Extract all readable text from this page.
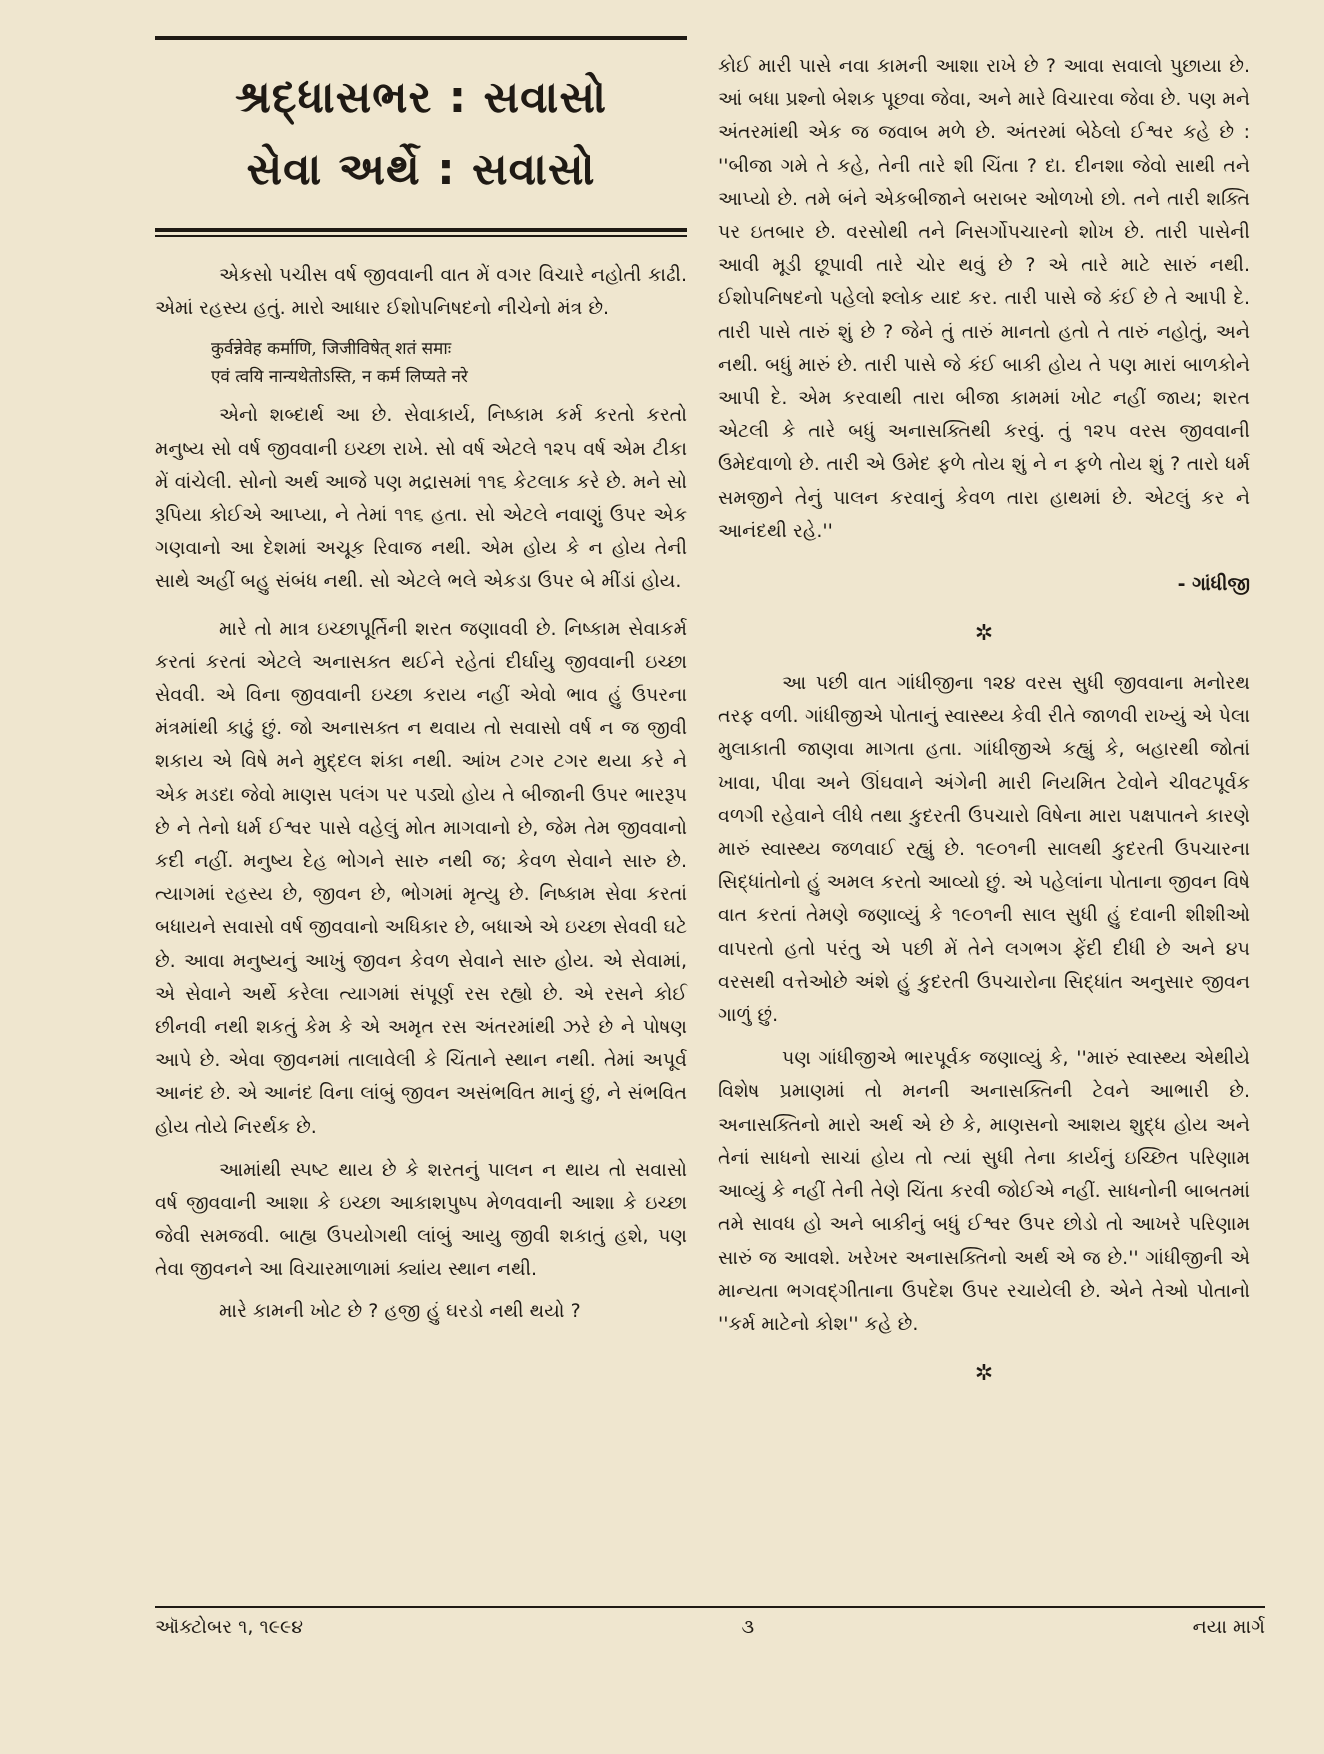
શ્રદ્ધાસભર : સવાસો
સેવા અર્થે : સવાસો

એકસો પચીસ વર્ષ જીવવાની વાત મેં વગર વિચારે નહોતી કાઢી. એમાં રહસ્ય હતું. મારો આધાર ઈશોપનિષદનો નીચેનો મંત્ર છે.

कुर्वन्नेवेह कर्माणि, जिजीविषेत् शतं समाः
एवं त्वयि नान्यथेतोऽस्ति, न कर्म लिप्यते नरे

એનો શબ્દાર્થ આ છે. સેવાકાર્ય, નિષ્કામ કર્મ કરતો કરતો મનુષ્ય સો વર્ષ જીવવાની ઇચ્છા રાખે. સો વર્ષ એટલે ૧૨૫ વર્ષ એમ ટીકા મેં વાંચેલી. સોનો અર્થ આજે પણ મદ્રાસમાં ૧૧૬ કેટલાક કરે છે. મને સો રૂપિયા કોઈએ આપ્યા, ને તેમાં ૧૧૬ હતા. સો એટલે નવાણું ઉપર એક ગણવાનો આ દેશમાં અચૂક રિવાજ નથી. એમ હોય કે ન હોય તેની સાથે અહીં બહુ સંબંધ નથી. સો એટલે ભલે એકડા ઉપર બે મીંડાં હોય.

મારે તો માત્ર ઇચ્છાપૂર્તિની શરત જણાવવી છે. નિષ્કામ સેવાકર્મ કરતાં કરતાં એટલે અનાસક્ત થઈને રહેતાં દીર્ઘાયુ જીવવાની ઇચ્છા સેવવી. એ વિના જીવવાની ઇચ્છા કરાય નહીં એવો ભાવ હું ઉપરના મંત્રમાંથી કાઢું છું. જો અનાસક્ત ન થવાય તો સવાસો વર્ષ ન જ જીવી શકાય એ વિષે મને મુદ્દલ શંકા નથી. આંખ ટગર ટગર થયા કરે ને એક મડદા જેવો માણસ પલંગ પર પડ્યો હોય તે બીજાની ઉપર ભારરૂપ છે ને તેનો ધર્મ ઈશ્વર પાસે વહેલું મોત માગવાનો છે, જેમ તેમ જીવવાનો કદી નહીં. મનુષ્ય દેહ ભોગને સારુ નથી જ; કેવળ સેવાને સારુ છે. ત્યાગમાં રહસ્ય છે, જીવન છે, ભોગમાં મૃત્યુ છે. નિષ્કામ સેવા કરતાં બધાયને સવાસો વર્ષ જીવવાનો અધિકાર છે, બધાએ એ ઇચ્છા સેવવી ઘટે છે. આવા મનુષ્યનું આખું જીવન કેવળ સેવાને સારુ હોય. એ સેવામાં, એ સેવાને અર્થે કરેલા ત્યાગમાં સંપૂર્ણ રસ રહ્યો છે. એ રસને કોઈ છીનવી નથી શકતું કેમ કે એ અમૃત રસ અંતરમાંથી ઝરે છે ને પોષણ આપે છે. એવા જીવનમાં તાલાવેલી કે ચિંતાને સ્થાન નથી. તેમાં અપૂર્વ આનંદ છે. એ આનંદ વિના લાંબું જીવન અસંભવિત માનું છું, ને સંભવિત હોય તોયે નિરર્થક છે.

આમાંથી સ્પષ્ટ થાય છે કે શરતનું પાલન ન થાય તો સવાસો વર્ષ જીવવાની આશા કે ઇચ્છા આકાશપુષ્પ મેળવવાની આશા કે ઇચ્છા જેવી સમજવી. બાહ્ય ઉપયોગથી લાંબું આયુ જીવી શકાતું હશે, પણ તેવા જીવનને આ વિચારમાળામાં ક્યાંય સ્થાન નથી.

મારે કામની ખોટ છે ? હજી હું ઘરડો નથી થયો ?

કોઈ મારી પાસે નવા કામની આશા રાખે છે ? આવા સવાલો પુછાયા છે. આં બધા પ્રશ્નો બેશક પૂછવા જેવા, અને મારે વિચારવા જેવા છે. પણ મને અંતરમાંથી એક જ જવાબ મળે છે. અંતરમાં બેઠેલો ઈશ્વર કહે છે : ''બીજા ગમે તે કહે, તેની તારે શી ચિંતા ? દા. દીનશા જેવો સાથી તને આપ્યો છે. તમે બંને એકબીજાને બરાબર ઓળખો છો. તને તારી શક્તિ પર ઇતબાર છે. વરસોથી તને નિસર્ગોપચારનો શોખ છે. તારી પાસેની આવી મૂડી છૂપાવી તારે ચોર થવું છે ? એ તારે માટે સારું નથી. ઈશોપનિષદનો પહેલો શ્લોક યાદ કર. તારી પાસે જે કંઈ છે તે આપી દે. તારી પાસે તારું શું છે ? જેને તું તારું માનતો હતો તે તારું નહોતું, અને નથી. બધું મારું છે. તારી પાસે જે કંઈ બાકી હોય તે પણ મારાં બાળકોને આપી દે. એમ કરવાથી તારા બીજા કામમાં ખોટ નહીં જાય; શરત એટલી કે તારે બધું અનાસક્તિથી કરવું. તું ૧૨૫ વરસ જીવવાની ઉમેદવાળો છે. તારી એ ઉમેદ ફળે તોય શું ને ન ફળે તોય શું ? તારો ધર્મ સમજીને તેનું પાલન કરવાનું કેવળ તારા હાથમાં છે. એટલું કર ને આનંદથી રહે.''

- ગાંધીજી
✲

આ પછી વાત ગાંધીજીના ૧૨૪ વરસ સુધી જીવવાના મનોરથ તરફ વળી. ગાંધીજીએ પોતાનું સ્વાસ્થ્ય કેવી રીતે જાળવી રાખ્યું એ પેલા મુલાકાતી જાણવા માગતા હતા. ગાંધીજીએ કહ્યું કે, બહારથી જોતાં ખાવા, પીવા અને ઊંઘવાને અંગેની મારી નિયમિત ટેવોને ચીવટપૂર્વક વળગી રહેવાને લીધે તથા કુદરતી ઉપચારો વિષેના મારા પક્ષપાતને કારણે મારું સ્વાસ્થ્ય જળવાઈ રહ્યું છે. ૧૯૦૧ની સાલથી કુદરતી ઉપચારના સિદ્ધાંતોનો હું અમલ કરતો આવ્યો છું. એ પહેલાંના પોતાના જીવન વિષે વાત કરતાં તેમણે જણાવ્યું કે ૧૯૦૧ની સાલ સુધી હું દવાની શીશીઓ વાપરતો હતો પરંતુ એ પછી મેં તેને લગભગ ફેંદી દીધી છે અને ૪૫ વરસથી વત્તેઓછે અંશે હું કુદરતી ઉપચારોના સિદ્ધાંત અનુસાર જીવન ગાળું છું.

પણ ગાંધીજીએ ભારપૂર્વક જણાવ્યું કે, ''મારું સ્વાસ્થ્ય એથીયે વિશેષ પ્રમાણમાં તો મનની અનાસક્તિની ટેવને આભારી છે. અનાસક્તિનો મારો અર્થ એ છે કે, માણસનો આશય શુદ્ધ હોય અને તેનાં સાધનો સાચાં હોય તો ત્યાં સુધી તેના કાર્યનું ઇચ્છિત પરિણામ આવ્યું કે નહીં તેની તેણે ચિંતા કરવી જોઈએ નહીં. સાધનોની બાબતમાં તમે સાવધ હો અને બાકીનું બધું ઈશ્વર ઉપર છોડો તો આખરે પરિણામ સારું જ આવશે. ખરેખર અનાસક્તિનો અર્થ એ જ છે.'' ગાંધીજીની એ માન્યતા ભગવદ્ગીતાના ઉપદેશ ઉપર રચાયેલી છે. એને તેઓ પોતાનો ''કર્મ માટેનો કોશ'' કહે છે.

✲
ઑક્ટોબર ૧, ૧૯૯૪	૩	નયા માર્ગ
